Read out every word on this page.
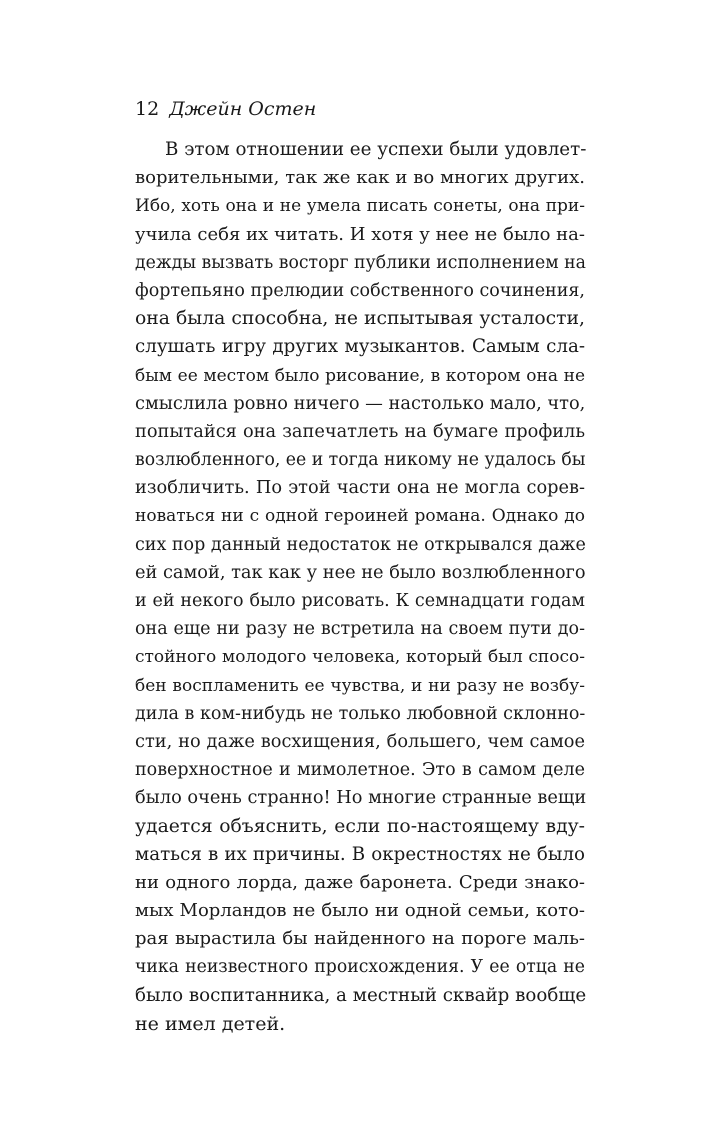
12 Джейн Остен
В этом отношении ее успехи были удовлет-
ворительными, так же как и во многих других.
Ибо, хоть она и не умела писать сонеты, она при-
учила себя их читать. И хотя у нее не было на-
дежды вызвать восторг публики исполнением на
фортепьяно прелюдии собственного сочинения,
она была способна, не испытывая усталости,
слушать игру других музыкантов. Самым сла-
бым ее местом было рисование, в котором она не
смыслила ровно ничего — настолько мало, что,
попытайся она запечатлеть на бумаге профиль
возлюбленного, ее и тогда никому не удалось бы
изобличить. По этой части она не могла сорев-
новаться ни с одной героиней романа. Однако до
сих пор данный недостаток не открывался даже
ей самой, так как у нее не было возлюбленного
и ей некого было рисовать. К семнадцати годам
она еще ни разу не встретила на своем пути до-
стойного молодого человека, который был спосо-
бен воспламенить ее чувства, и ни разу не возбу-
дила в ком-нибудь не только любовной склонно-
сти, но даже восхищения, большего, чем самое
поверхностное и мимолетное. Это в самом деле
было очень странно! Но многие странные вещи
удается объяснить, если по-настоящему вду-
маться в их причины. В окрестностях не было
ни одного лорда, даже баронета. Среди знако-
мых Морландов не было ни одной семьи, кото-
рая вырастила бы найденного на пороге маль-
чика неизвестного происхождения. У ее отца не
было воспитанника, а местный сквайр вообще
не имел детей.
